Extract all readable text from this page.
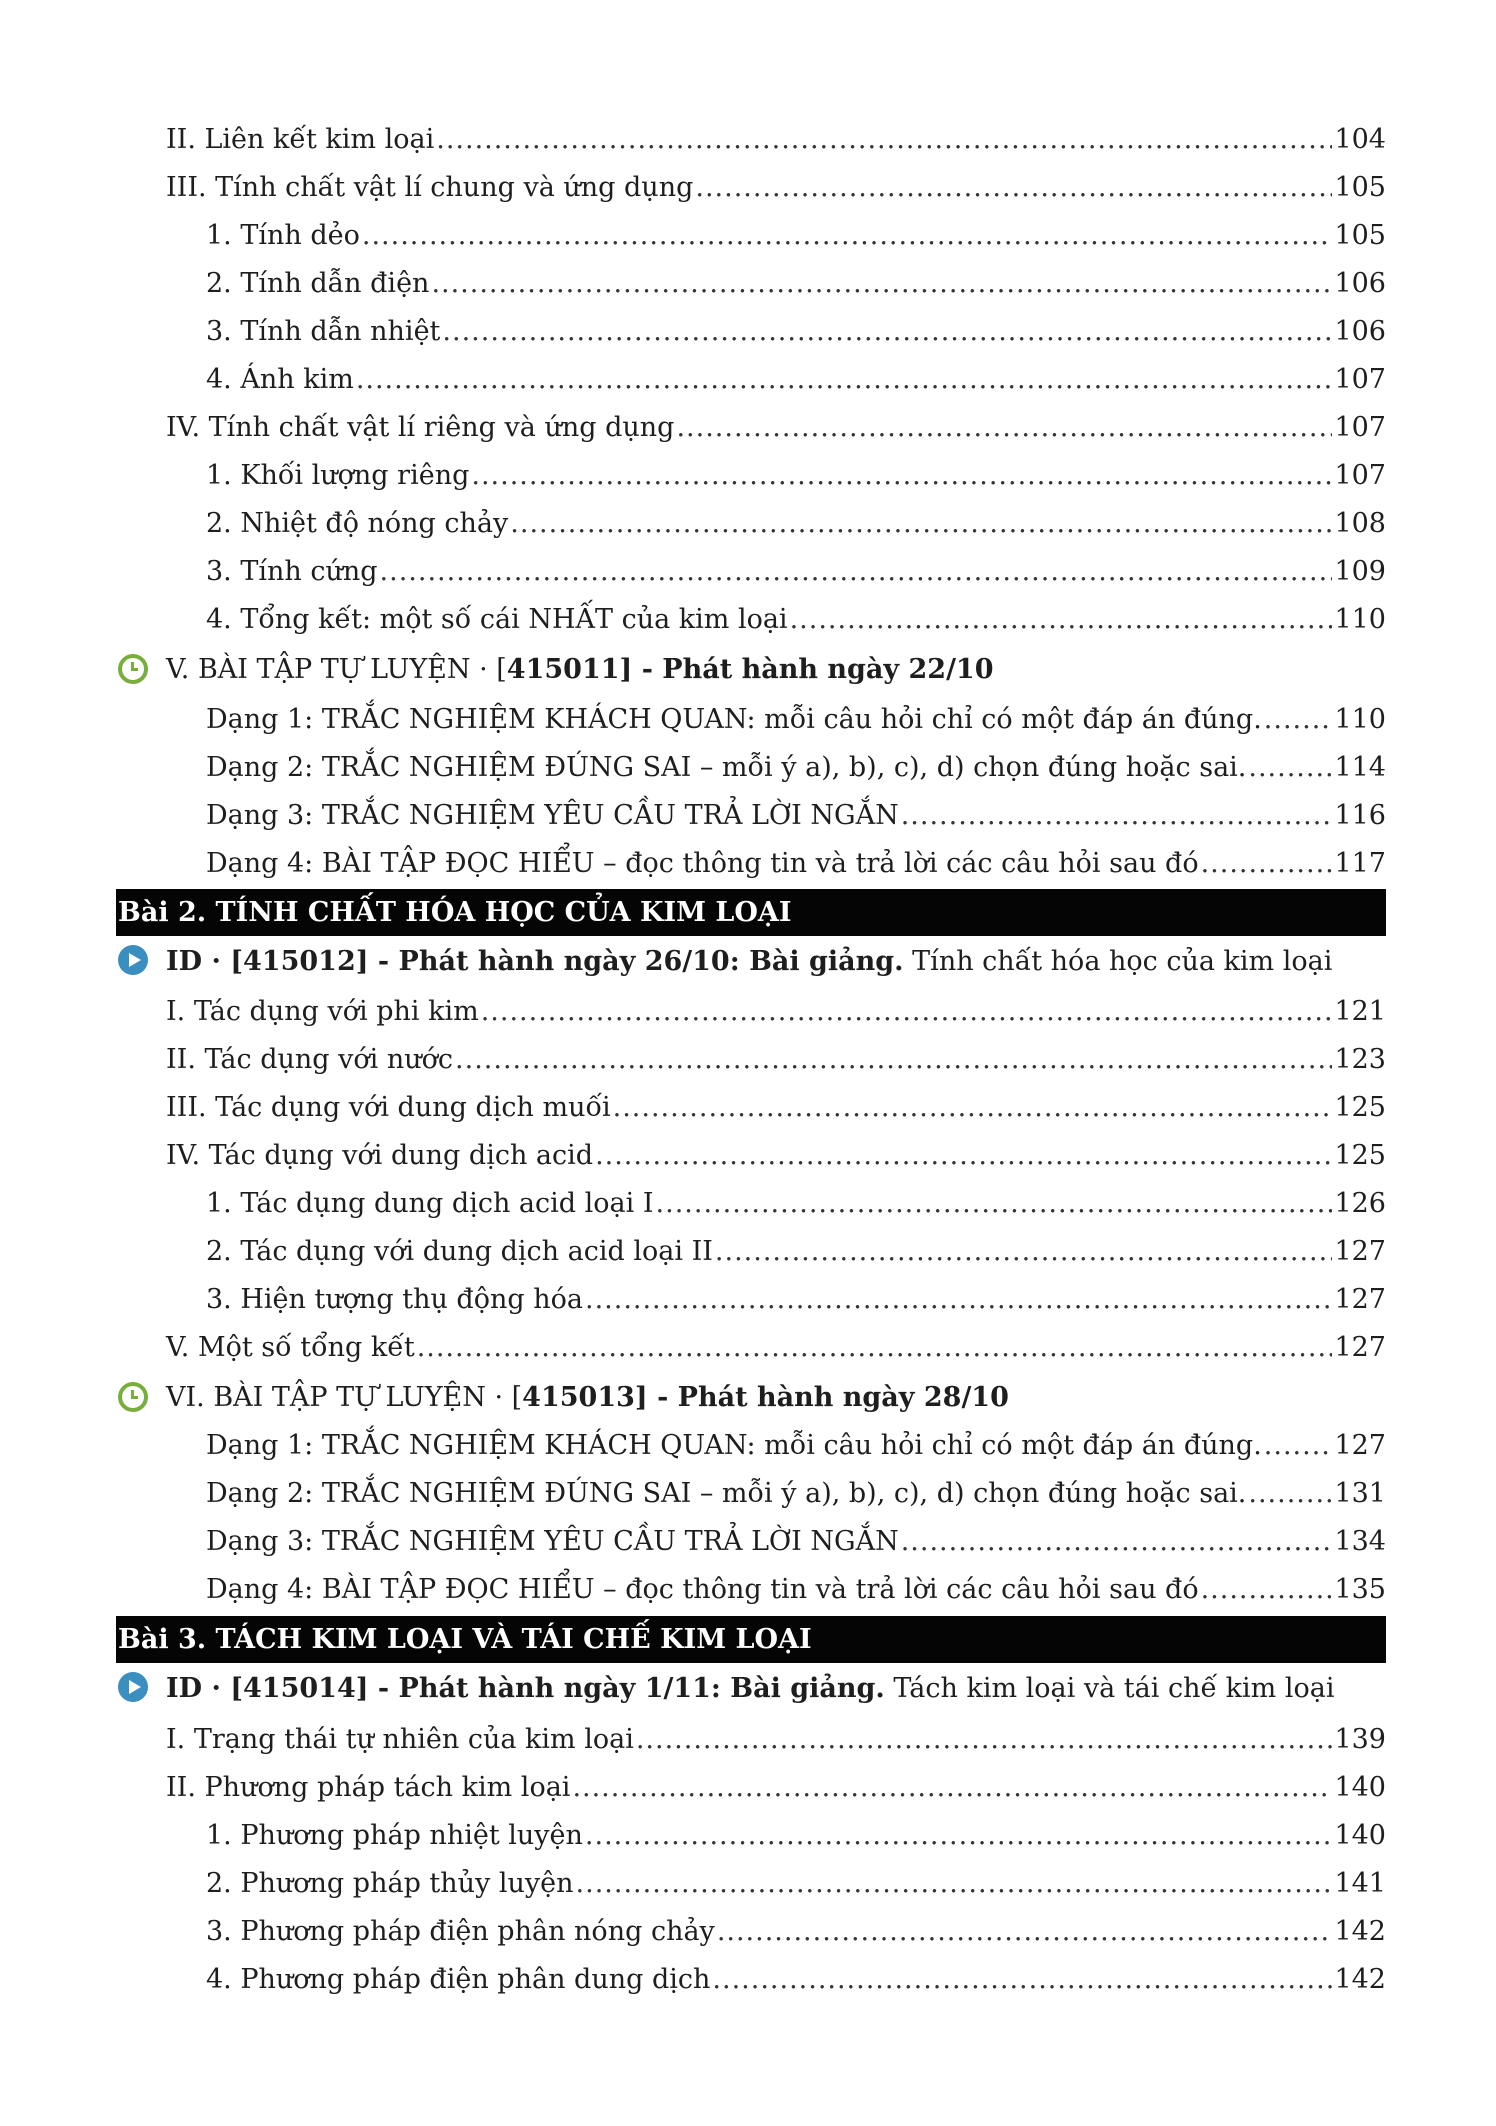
II. Liên kết kim loại .....	104
III. Tính chất vật lí chung và ứng dụng .....	105
1. Tính dẻo .....	105
2. Tính dẫn điện .....	106
3. Tính dẫn nhiệt .....	106
4. Ánh kim .....	107
IV. Tính chất vật lí riêng và ứng dụng .....	107
1. Khối lượng riêng .....	107
2. Nhiệt độ nóng chảy .....	108
3. Tính cứng .....	109
4. Tổng kết: một số cái NHẤT của kim loại .....	110
V. BÀI TẬP TỰ LUYỆN · [415011] - Phát hành ngày 22/10
Dạng 1: TRẮC NGHIỆM KHÁCH QUAN: mỗi câu hỏi chỉ có một đáp án đúng. .....	110
Dạng 2: TRẮC NGHIỆM ĐÚNG SAI – mỗi ý a), b), c), d) chọn đúng hoặc sai. .....	114
Dạng 3: TRẮC NGHIỆM YÊU CẦU TRẢ LỜI NGẮN .....	116
Dạng 4: BÀI TẬP ĐỌC HIỂU – đọc thông tin và trả lời các câu hỏi sau đó .....	117
Bài 2. TÍNH CHẤT HÓA HỌC CỦA KIM LOẠI
ID · [415012] - Phát hành ngày 26/10: Bài giảng. Tính chất hóa học của kim loại
I. Tác dụng với phi kim .....	121
II. Tác dụng với nước .....	123
III. Tác dụng với dung dịch muối .....	125
IV. Tác dụng với dung dịch acid .....	125
1. Tác dụng dung dịch acid loại I .....	126
2. Tác dụng với dung dịch acid loại II .....	127
3. Hiện tượng thụ động hóa .....	127
V. Một số tổng kết .....	127
VI. BÀI TẬP TỰ LUYỆN · [415013] - Phát hành ngày 28/10
Dạng 1: TRẮC NGHIỆM KHÁCH QUAN: mỗi câu hỏi chỉ có một đáp án đúng. .....	127
Dạng 2: TRẮC NGHIỆM ĐÚNG SAI – mỗi ý a), b), c), d) chọn đúng hoặc sai. .....	131
Dạng 3: TRẮC NGHIỆM YÊU CẦU TRẢ LỜI NGẮN .....	134
Dạng 4: BÀI TẬP ĐỌC HIỂU – đọc thông tin và trả lời các câu hỏi sau đó .....	135
Bài 3. TÁCH KIM LOẠI VÀ TÁI CHẾ KIM LOẠI
ID · [415014] - Phát hành ngày 1/11: Bài giảng. Tách kim loại và tái chế kim loại
I. Trạng thái tự nhiên của kim loại .....	139
II. Phương pháp tách kim loại .....	140
1. Phương pháp nhiệt luyện .....	140
2. Phương pháp thủy luyện .....	141
3. Phương pháp điện phân nóng chảy .....	142
4. Phương pháp điện phân dung dịch .....	142
